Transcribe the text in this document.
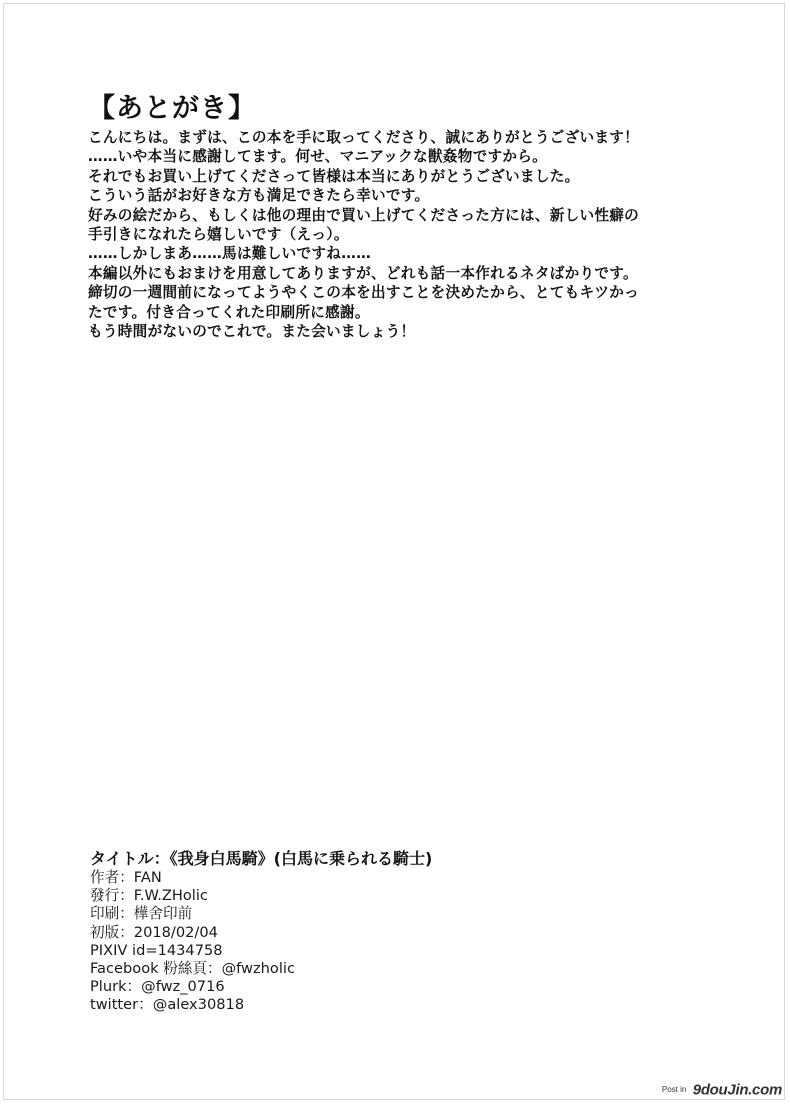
【あとがき】
こんにちは。まずは、この本を手に取ってくださり、誠にありがとうございます！
……いや本当に感謝してます。何せ、マニアックな獣姦物ですから。
それでもお買い上げてくださって皆様は本当にありがとうございました。
こういう話がお好きな方も満足できたら幸いです。
好みの絵だから、もしくは他の理由で買い上げてくださった方には、新しい性癖の
手引きになれたら嬉しいです（えっ）。
……しかしまあ……馬は難しいですね……
本編以外にもおまけを用意してありますが、どれも話一本作れるネタばかりです。
締切の一週間前になってようやくこの本を出すことを決めたから、とてもキツかっ
たです。付き合ってくれた印刷所に感謝。
もう時間がないのでこれで。また会いましょう！
タイトル：《我身白馬騎》(白馬に乗られる騎士)
作者：FAN
發行：F.W.ZHolic
印刷：樺舍印前
初版：2018/02/04
PIXIV id=1434758
Facebook 粉絲頁：@fwzholic
Plurk：@fwz_0716
twitter：@alex30818
Post in 9douJin.com
